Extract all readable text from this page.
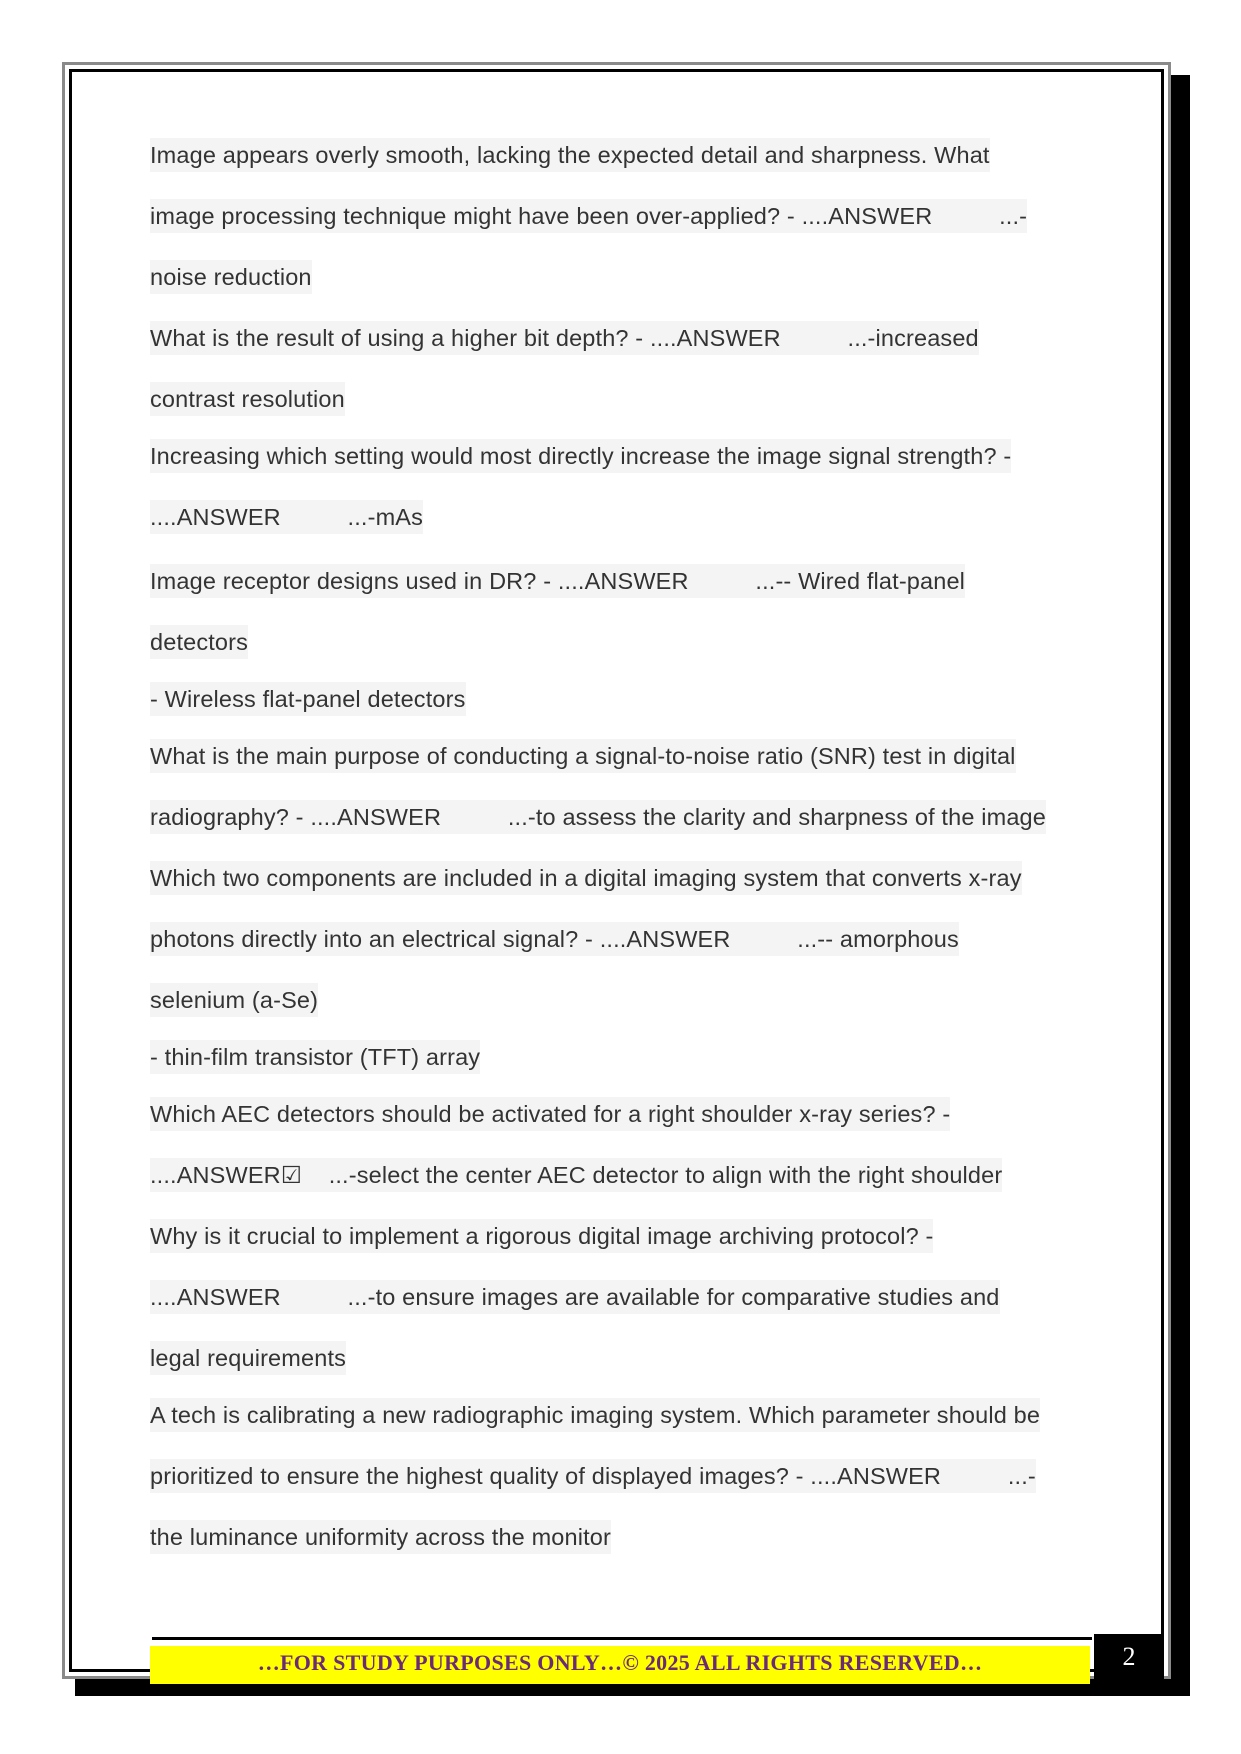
Image appears overly smooth, lacking the expected detail and sharpness. What
image processing technique might have been over-applied? - ....ANSWER          ...-
noise reduction
What is the result of using a higher bit depth? - ....ANSWER          ...-increased
contrast resolution
Increasing which setting would most directly increase the image signal strength? -
....ANSWER          ...-mAs
Image receptor designs used in DR? - ....ANSWER          ...-- Wired flat-panel
detectors
- Wireless flat-panel detectors
What is the main purpose of conducting a signal-to-noise ratio (SNR) test in digital
radiography? - ....ANSWER          ...-to assess the clarity and sharpness of the image
Which two components are included in a digital imaging system that converts x-ray
photons directly into an electrical signal? - ....ANSWER          ...-- amorphous
selenium (a-Se)
- thin-film transistor (TFT) array
Which AEC detectors should be activated for a right shoulder x-ray series? -
....ANSWER☑    ...-select the center AEC detector to align with the right shoulder
Why is it crucial to implement a rigorous digital image archiving protocol? -
....ANSWER          ...-to ensure images are available for comparative studies and
legal requirements
A tech is calibrating a new radiographic imaging system. Which parameter should be
prioritized to ensure the highest quality of displayed images? - ....ANSWER          ...-
the luminance uniformity across the monitor
…FOR STUDY PURPOSES ONLY…© 2025 ALL RIGHTS RESERVED…	2
